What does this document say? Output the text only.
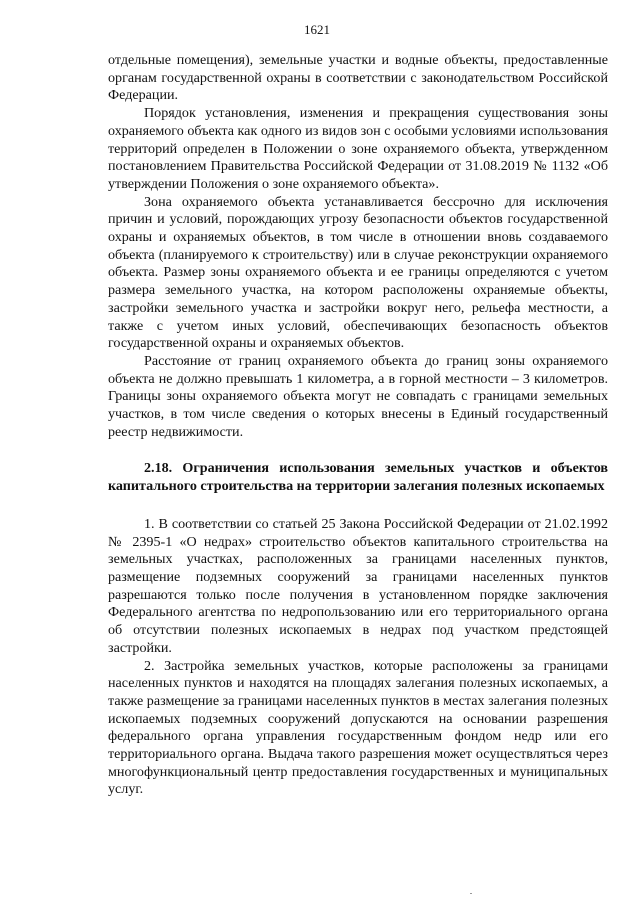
1621

отдельные помещения), земельные участки и водные объекты, предоставленные органам государственной охраны в соответствии с законодательством Российской Федерации.

Порядок установления, изменения и прекращения существования зоны охраняемого объекта как одного из видов зон с особыми условиями использования территорий определен в Положении о зоне охраняемого объекта, утвержденном постановлением Правительства Российской Федерации от 31.08.2019 № 1132 «Об утверждении Положения о зоне охраняемого объекта».

Зона охраняемого объекта устанавливается бессрочно для исключения причин и условий, порождающих угрозу безопасности объектов государственной охраны и охраняемых объектов, в том числе в отношении вновь создаваемого объекта (планируемого к строительству) или в случае реконструкции охраняемого объекта. Размер зоны охраняемого объекта и ее границы определяются с учетом размера земельного участка, на котором расположены охраняемые объекты, застройки земельного участка и застройки вокруг него, рельефа местности, а также с учетом иных условий, обеспечивающих безопасность объектов государственной охраны и охраняемых объектов.

Расстояние от границ охраняемого объекта до границ зоны охраняемого объекта не должно превышать 1 километра, а в горной местности – 3 километров. Границы зоны охраняемого объекта могут не совпадать с границами земельных участков, в том числе сведения о которых внесены в Единый государственный реестр недвижимости.

2.18. Ограничения использования земельных участков и объектов капитального строительства на территории залегания полезных ископаемых

1. В соответствии со статьей 25 Закона Российской Федерации от 21.02.1992 № 2395-1 «О недрах» строительство объектов капитального строительства на земельных участках, расположенных за границами населенных пунктов, размещение подземных сооружений за границами населенных пунктов разрешаются только после получения в установленном порядке заключения Федерального агентства по недропользованию или его территориального органа об отсутствии полезных ископаемых в недрах под участком предстоящей застройки.

2. Застройка земельных участков, которые расположены за границами населенных пунктов и находятся на площадях залегания полезных ископаемых, а также размещение за границами населенных пунктов в местах залегания полезных ископаемых подземных сооружений допускаются на основании разрешения федерального органа управления государственным фондом недр или его территориального органа. Выдача такого разрешения может осуществляться через многофункциональный центр предоставления государственных и муниципальных услуг.
